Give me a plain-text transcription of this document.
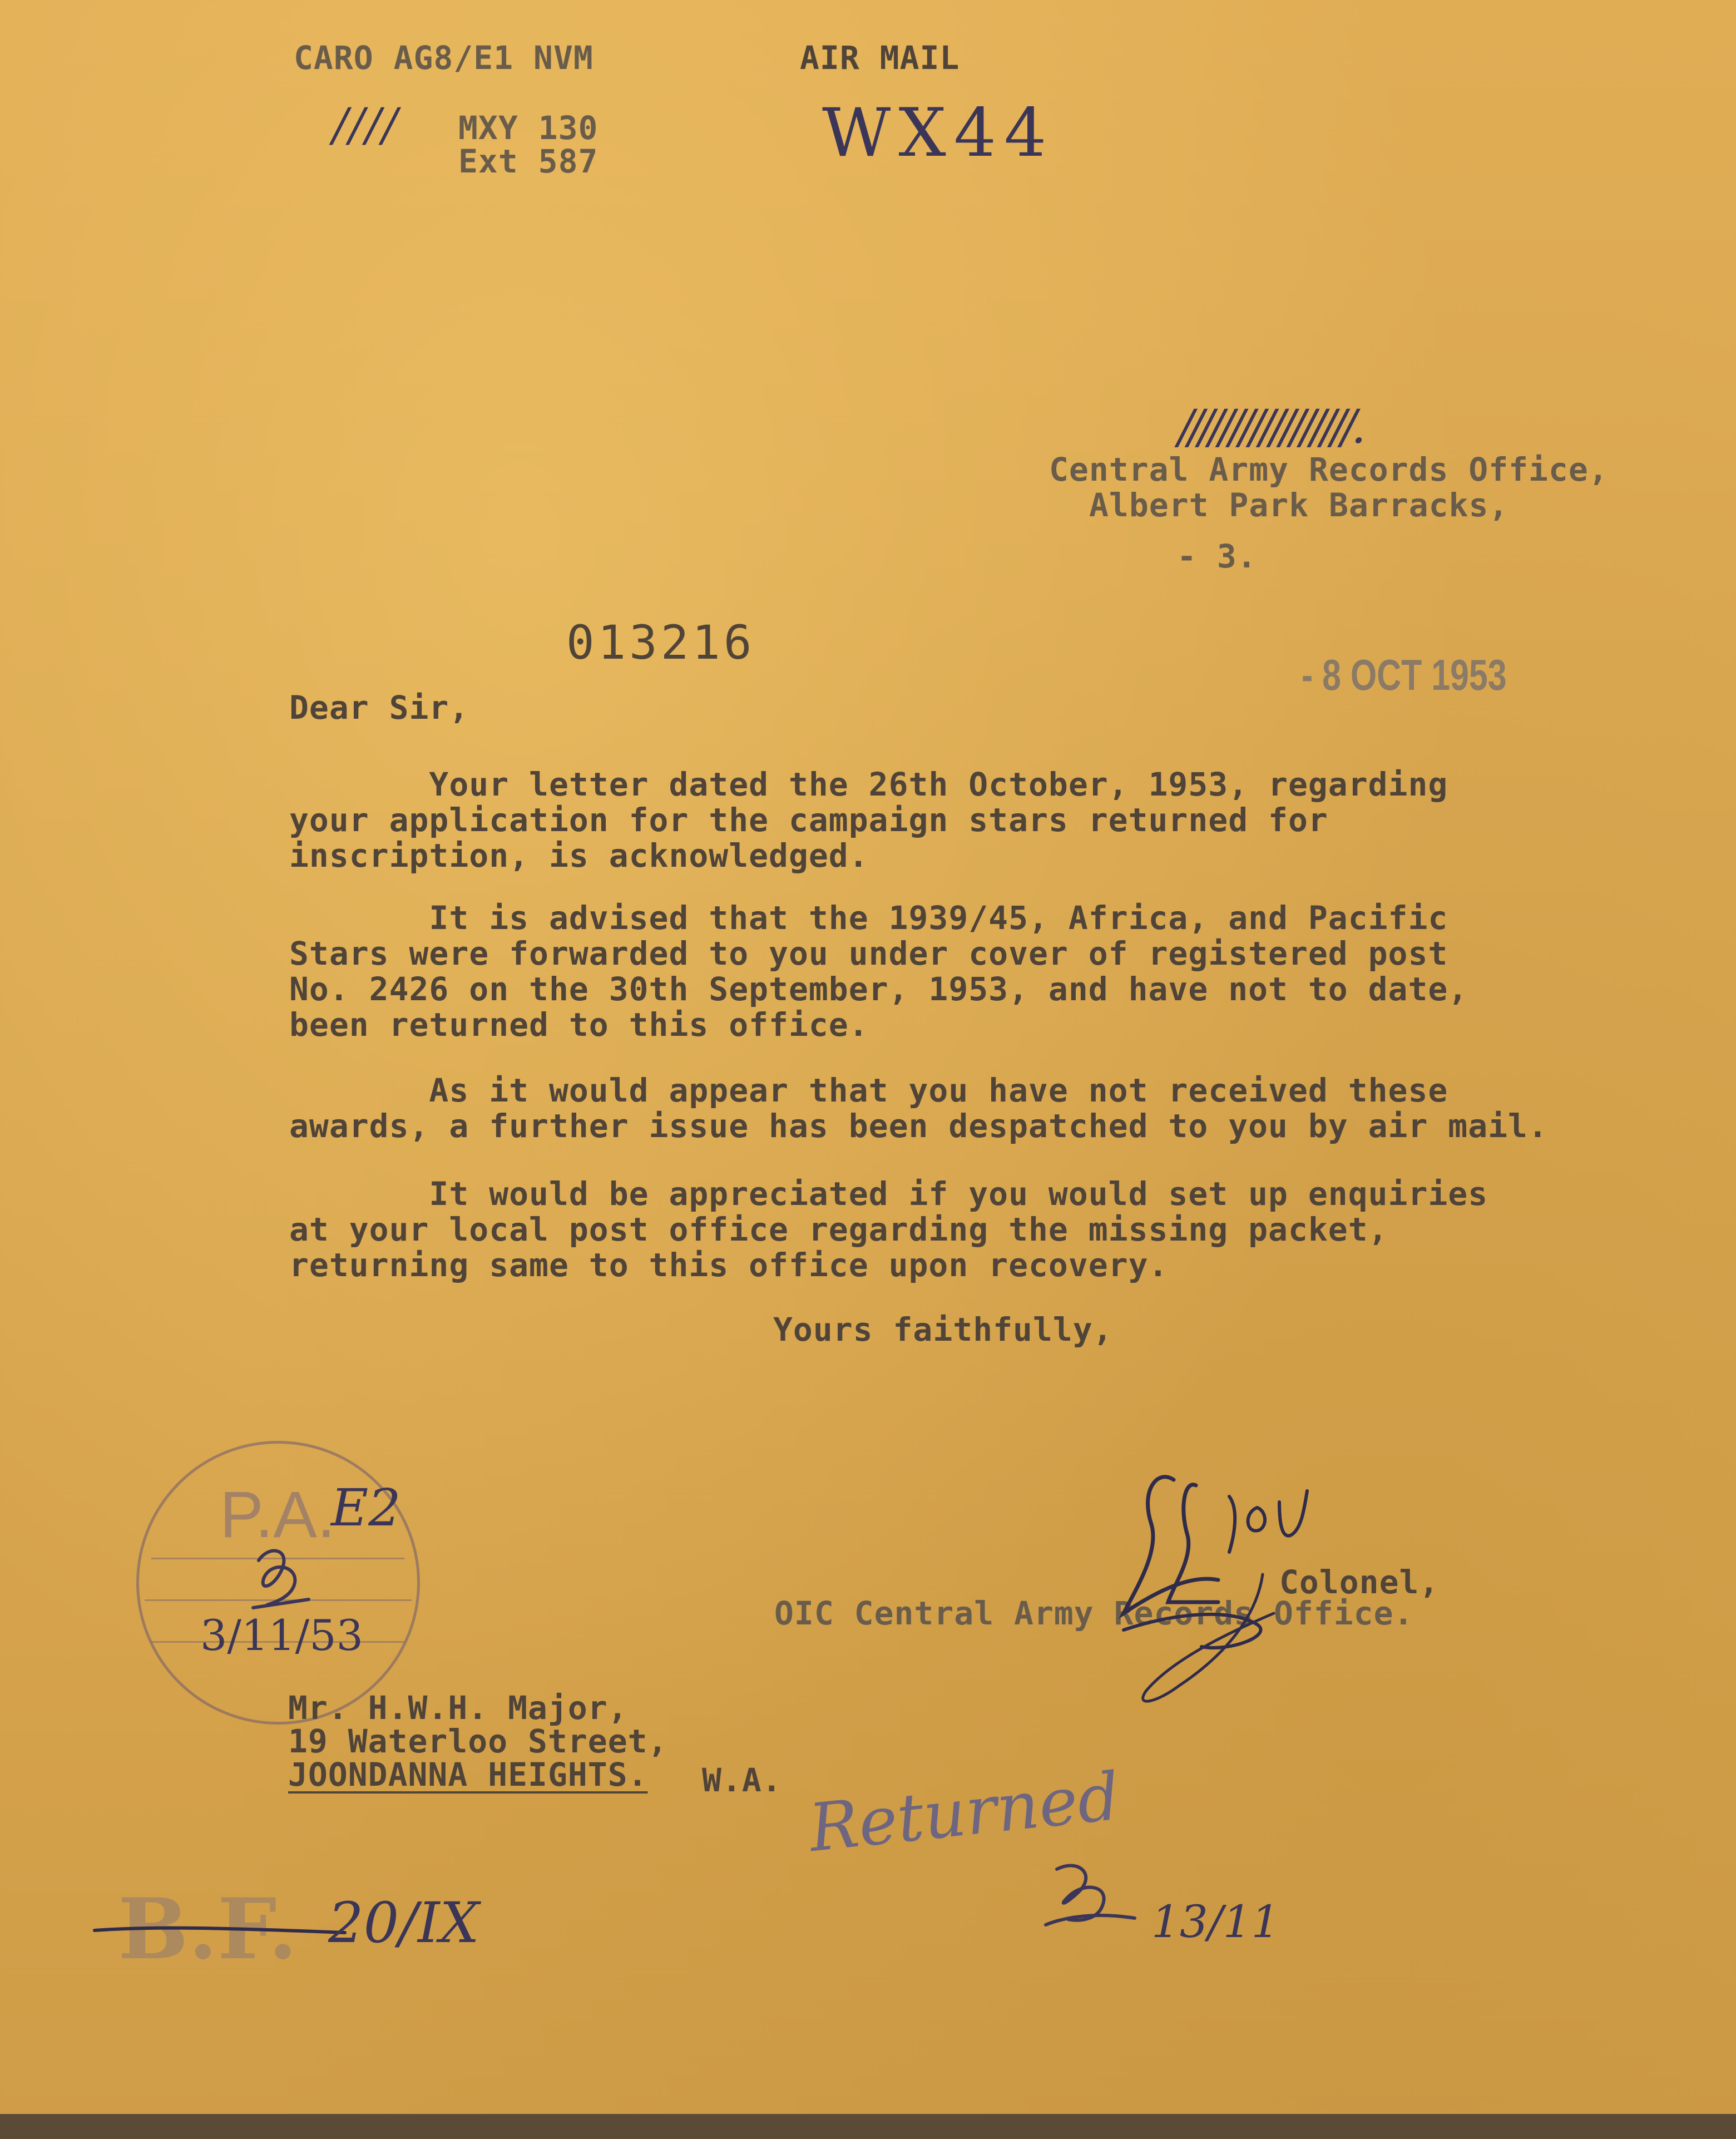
CARO AG8/E1 NVM	AIR MAIL
//// MXY 130
Ext 587	WX44
/////////////////.
Central Army Records Office,
Albert Park Barracks,
- 3.
013216
- 8 OCT 1953
Dear Sir,
Your letter dated the 26th October, 1953, regarding
your application for the campaign stars returned for
inscription, is acknowledged.
It is advised that the 1939/45, Africa, and Pacific
Stars were forwarded to you under cover of registered post
No. 2426 on the 30th September, 1953, and have not to date,
been returned to this office.
As it would appear that you have not received these
awards, a further issue has been despatched to you by air mail.
It would be appreciated if you would set up enquiries
at your local post office regarding the missing packet,
returning same to this office upon recovery.
Yours faithfully,
Colonel,
OIC Central Army Records Office.
P.A.
E2
3/11/53
Mr. H.W.H. Major,
19 Waterloo Street,
JOONDANNA HEIGHTS. W.A. Returned
13/11
B.F. 20/IX
